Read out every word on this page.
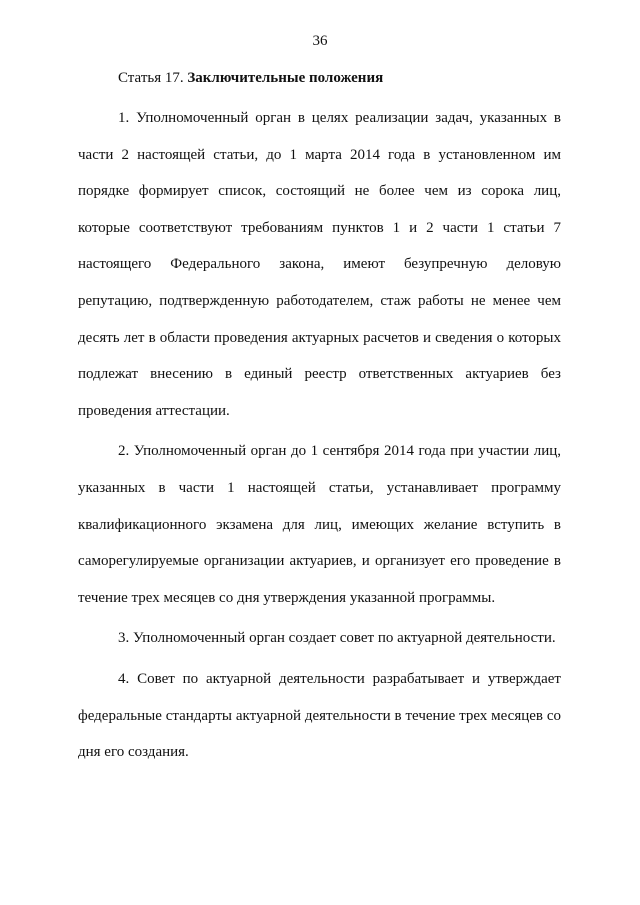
36

Статья 17. Заключительные положения

1. Уполномоченный орган в целях реализации задач, указанных в части 2 настоящей статьи, до 1 марта 2014 года в установленном им порядке формирует список, состоящий не более чем из сорока лиц, которые соответствуют требованиям пунктов 1 и 2 части 1 статьи 7 настоящего Федерального закона, имеют безупречную деловую репутацию, подтвержденную работодателем, стаж работы не менее чем десять лет в области проведения актуарных расчетов и сведения о которых подлежат внесению в единый реестр ответственных актуариев без проведения аттестации.

2. Уполномоченный орган до 1 сентября 2014 года при участии лиц, указанных в части 1 настоящей статьи, устанавливает программу квалификационного экзамена для лиц, имеющих желание вступить в саморегулируемые организации актуариев, и организует его проведение в течение трех месяцев со дня утверждения указанной программы.

3. Уполномоченный орган создает совет по актуарной деятельности.

4. Совет по актуарной деятельности разрабатывает и утверждает федеральные стандарты актуарной деятельности в течение трех месяцев со дня его создания.
